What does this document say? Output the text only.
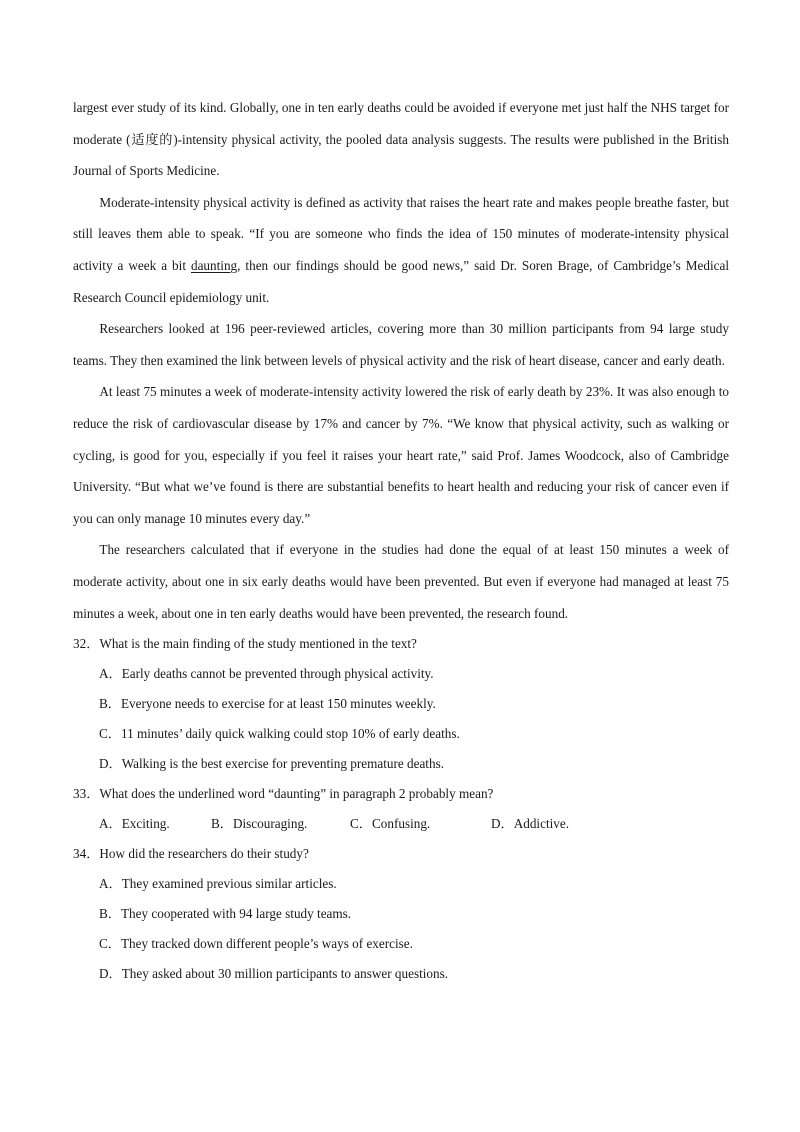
largest ever study of its kind. Globally, one in ten early deaths could be avoided if everyone met just half the NHS target for moderate (适度的)-intensity physical activity, the pooled data analysis suggests. The results were published in the British Journal of Sports Medicine.

Moderate-intensity physical activity is defined as activity that raises the heart rate and makes people breathe faster, but still leaves them able to speak. “If you are someone who finds the idea of 150 minutes of moderate-intensity physical activity a week a bit daunting, then our findings should be good news,” said Dr. Soren Brage, of Cambridge’s Medical Research Council epidemiology unit.

Researchers looked at 196 peer-reviewed articles, covering more than 30 million participants from 94 large study teams. They then examined the link between levels of physical activity and the risk of heart disease, cancer and early death.

At least 75 minutes a week of moderate-intensity activity lowered the risk of early death by 23%. It was also enough to reduce the risk of cardiovascular disease by 17% and cancer by 7%. “We know that physical activity, such as walking or cycling, is good for you, especially if you feel it raises your heart rate,” said Prof. James Woodcock, also of Cambridge University. “But what we’ve found is there are substantial benefits to heart health and reducing your risk of cancer even if you can only manage 10 minutes every day.”

The researchers calculated that if everyone in the studies had done the equal of at least 150 minutes a week of moderate activity, about one in six early deaths would have been prevented. But even if everyone had managed at least 75 minutes a week, about one in ten early deaths would have been prevented, the research found.

32．What is the main finding of the study mentioned in the text?

A．Early deaths cannot be prevented through physical activity.

B．Everyone needs to exercise for at least 150 minutes weekly.

C．11 minutes’ daily quick walking could stop 10% of early deaths.

D．Walking is the best exercise for preventing premature deaths.

33．What does the underlined word “daunting” in paragraph 2 probably mean?

A．Exciting.	B．Discouraging.	C．Confusing.	D．Addictive.

34．How did the researchers do their study?

A．They examined previous similar articles.

B．They cooperated with 94 large study teams.

C．They tracked down different people’s ways of exercise.

D．They asked about 30 million participants to answer questions.
